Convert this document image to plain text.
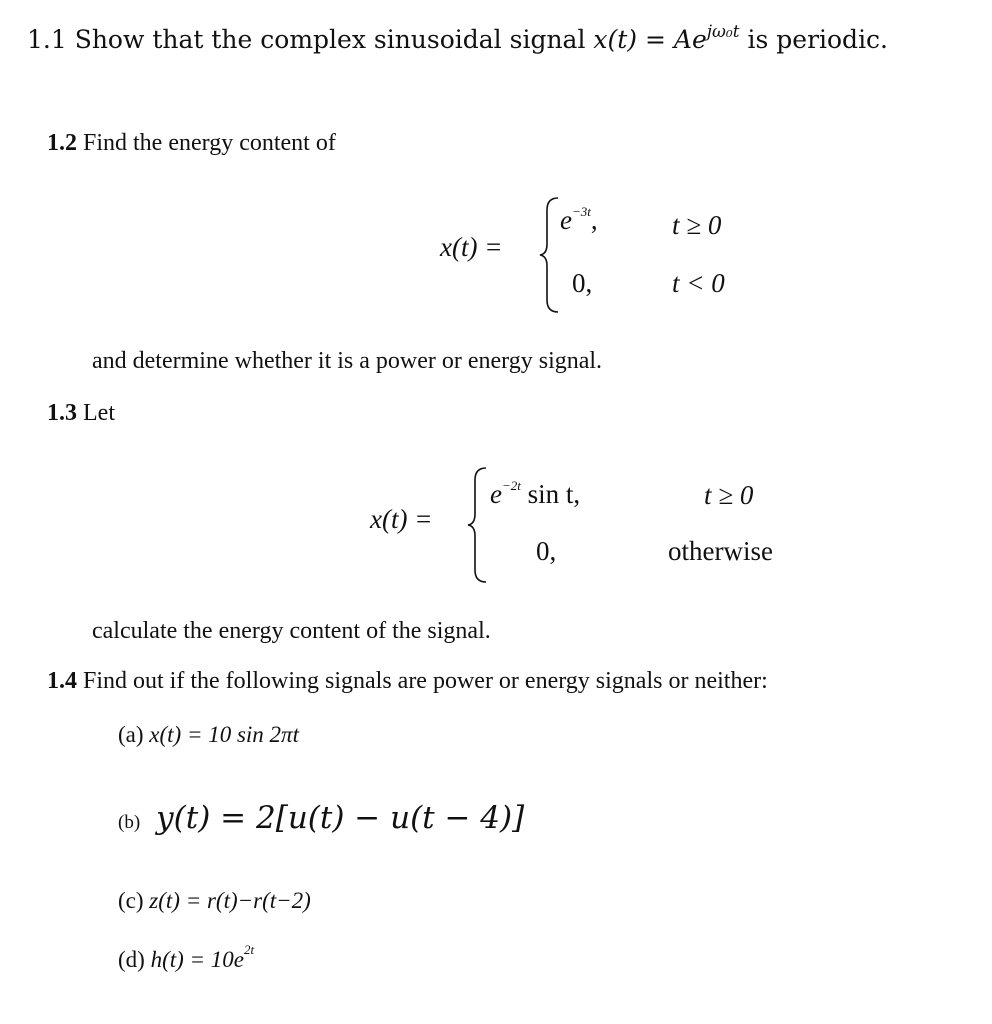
1.1 Show that the complex sinusoidal signal $x(t) = Ae^{j\omega_0t}$ is periodic.
1.2 Find the energy content of
x(t) =
$e^{-3t}$,	t ≥ 0
0,	t < 0
and determine whether it is a power or energy signal.
1.3 Let
x(t) =
$e^{-2t}$ sin t,	t ≥ 0
0,	otherwise
calculate the energy content of the signal.
1.4 Find out if the following signals are power or energy signals or neither:
(a) x(t) = 10 sin 2πt
(b) y(t) = 2[u(t) − u(t − 4)]
(c) z(t) = r(t)−r(t−2)
(d) $h(t) = 10e^{2t}$
